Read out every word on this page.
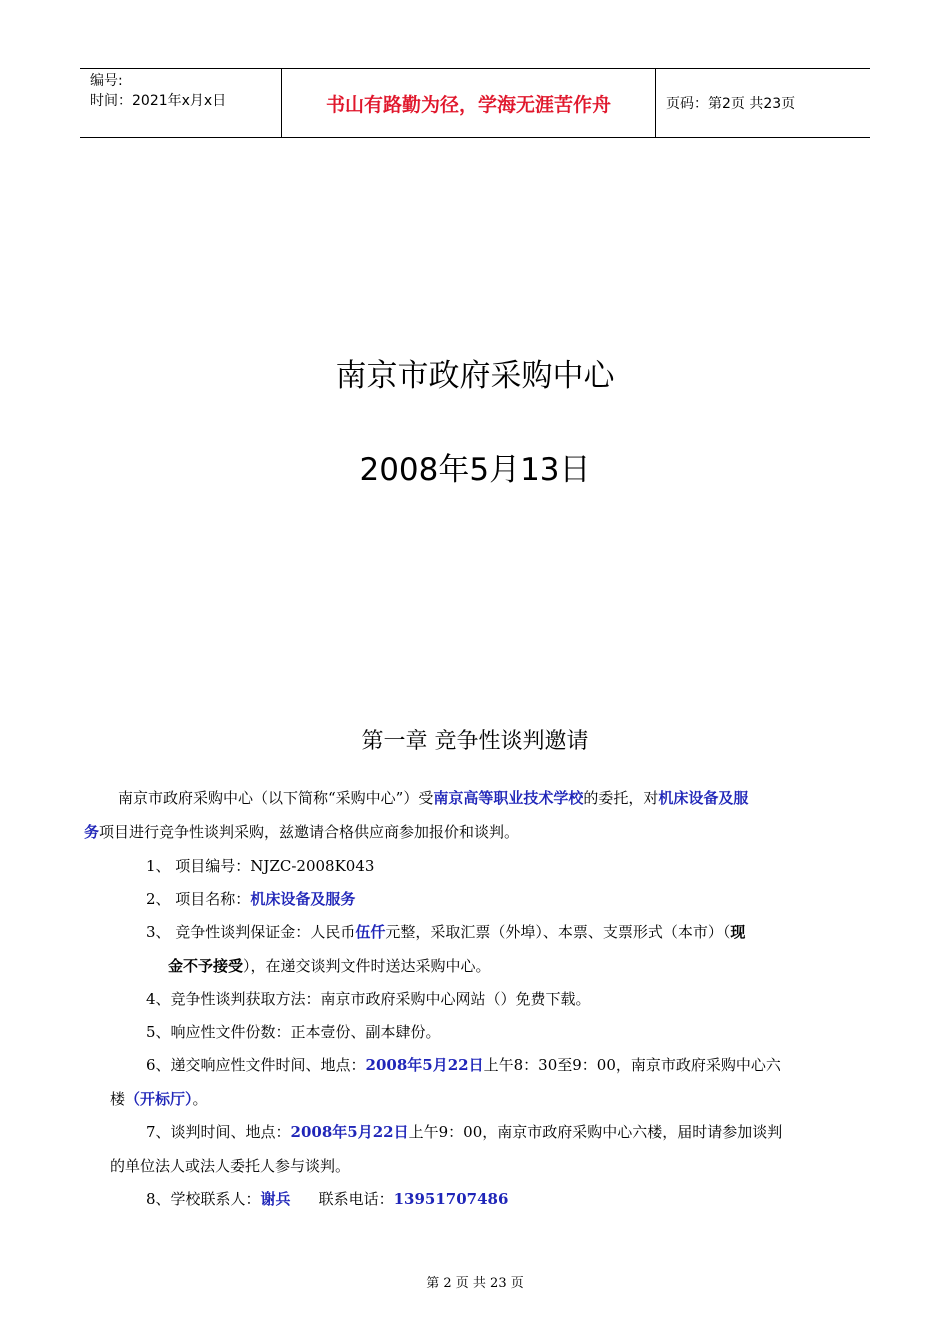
编号:
时间：2021年x月x日	书山有路勤为径，学海无涯苦作舟	页码：第2页 共23页
南京市政府采购中心
2008年5月13日
第一章 竞争性谈判邀请
南京市政府采购中心（以下简称“采购中心”）受南京高等职业技术学校的委托，对机床设备及服
务项目进行竞争性谈判采购，兹邀请合格供应商参加报价和谈判。
1、 项目编号：NJZC-2008K043
2、 项目名称：机床设备及服务
3、 竞争性谈判保证金：人民币伍仟元整，采取汇票（外埠）、本票、支票形式（本市）（现
金不予接受），在递交谈判文件时送达采购中心。
4、竞争性谈判获取方法：南京市政府采购中心网站（）免费下载。
5、响应性文件份数：正本壹份、副本肆份。
6、递交响应性文件时间、地点：2008年5月22日上午8：30至9：00，南京市政府采购中心六
楼（开标厅）。
7、谈判时间、地点：2008年5月22日上午9：00，南京市政府采购中心六楼，届时请参加谈判
的单位法人或法人委托人参与谈判。
8、学校联系人：谢兵 联系电话：13951707486
第 2 页 共 23 页
